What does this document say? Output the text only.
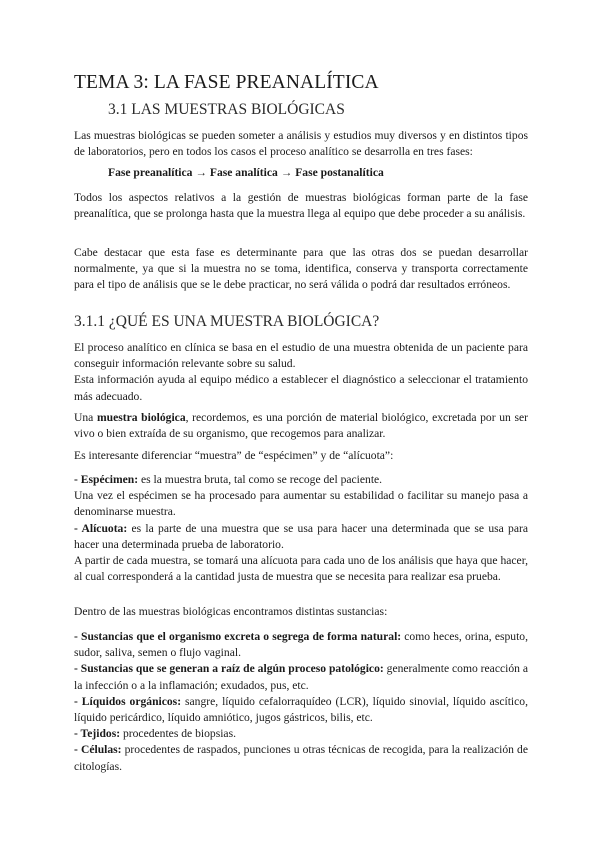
TEMA 3: LA FASE PREANALÍTICA
3.1 LAS MUESTRAS BIOLÓGICAS
Las muestras biológicas se pueden someter a análisis y estudios muy diversos y en distintos tipos de laboratorios, pero en todos los casos el proceso analítico se desarrolla en tres fases:
Fase preanalítica → Fase analítica → Fase postanalítica
Todos los aspectos relativos a la gestión de muestras biológicas forman parte de la fase preanalítica, que se prolonga hasta que la muestra llega al equipo que debe proceder a su análisis.
Cabe destacar que esta fase es determinante para que las otras dos se puedan desarrollar normalmente, ya que si la muestra no se toma, identifica, conserva y transporta correctamente para el tipo de análisis que se le debe practicar, no será válida o podrá dar resultados erróneos.
3.1.1 ¿QUÉ ES UNA MUESTRA BIOLÓGICA?
El proceso analítico en clínica se basa en el estudio de una muestra obtenida de un paciente para conseguir información relevante sobre su salud.
Esta información ayuda al equipo médico a establecer el diagnóstico a seleccionar el tratamiento más adecuado.
Una muestra biológica, recordemos, es una porción de material biológico, excretada por un ser vivo o bien extraída de su organismo, que recogemos para analizar.
Es interesante diferenciar “muestra” de “espécimen” y de “alícuota”:
- Espécimen: es la muestra bruta, tal como se recoge del paciente.
Una vez el espécimen se ha procesado para aumentar su estabilidad o facilitar su manejo pasa a denominarse muestra.
- Alícuota: es la parte de una muestra que se usa para hacer una determinada que se usa para hacer una determinada prueba de laboratorio.
A partir de cada muestra, se tomará una alícuota para cada uno de los análisis que haya que hacer, al cual corresponderá a la cantidad justa de muestra que se necesita para realizar esa prueba.
Dentro de las muestras biológicas encontramos distintas sustancias:
- Sustancias que el organismo excreta o segrega de forma natural: como heces, orina, esputo, sudor, saliva, semen o flujo vaginal.
- Sustancias que se generan a raíz de algún proceso patológico: generalmente como reacción a la infección o a la inflamación; exudados, pus, etc.
- Líquidos orgánicos: sangre, líquido cefalorraquídeo (LCR), líquido sinovial, líquido ascítico, líquido pericárdico, líquido amniótico, jugos gástricos, bilis, etc.
- Tejidos: procedentes de biopsias.
- Células: procedentes de raspados, punciones u otras técnicas de recogida, para la realización de citologías.
